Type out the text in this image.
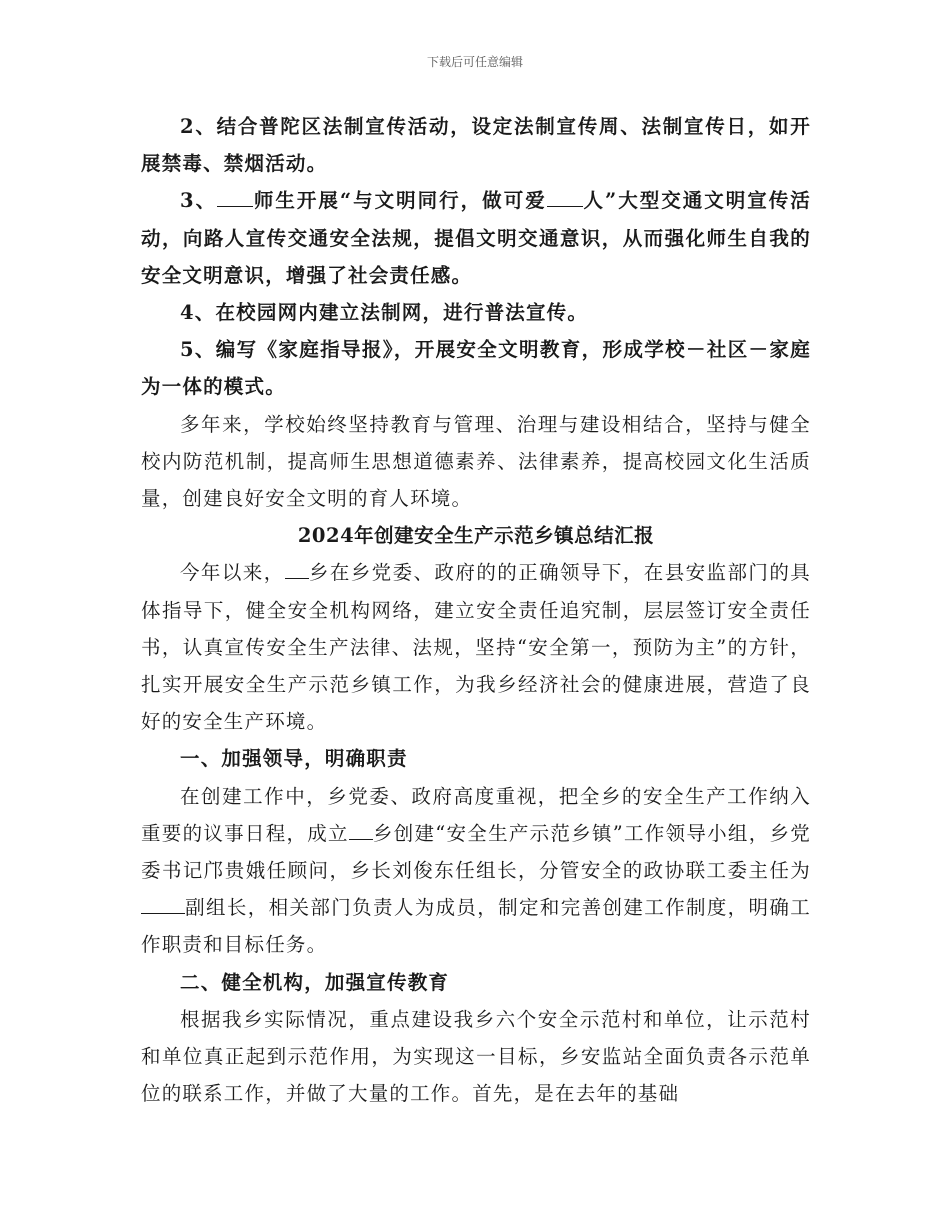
下载后可任意编辑

2、结合普陀区法制宣传活动，设定法制宣传周、法制宣传日，如开展禁毒、禁烟活动。

3、 师生开展“与文明同行，做可爱 人”大型交通文明宣传活动，向路人宣传交通安全法规，提倡文明交通意识，从而强化师生自我的安全文明意识，增强了社会责任感。

4、在校园网内建立法制网，进行普法宣传。

5、编写《家庭指导报》，开展安全文明教育，形成学校－社区－家庭为一体的模式。

多年来，学校始终坚持教育与管理、治理与建设相结合，坚持与健全校内防范机制，提高师生思想道德素养、法律素养，提高校园文化生活质量，创建良好安全文明的育人环境。

2024年创建安全生产示范乡镇总结汇报

今年以来， 乡在乡党委、政府的的正确领导下，在县安监部门的具体指导下，健全安全机构网络，建立安全责任追究制，层层签订安全责任书，认真宣传安全生产法律、法规，坚持“安全第一，预防为主”的方针，扎实开展安全生产示范乡镇工作，为我乡经济社会的健康进展，营造了良好的安全生产环境。

一、加强领导，明确职责

在创建工作中，乡党委、政府高度重视，把全乡的安全生产工作纳入重要的议事日程，成立 乡创建“安全生产示范乡镇”工作领导小组，乡党委书记邝贵娥任顾问，乡长刘俊东任组长，分管安全的政协联工委主任为副组长，相关部门负责人为成员，制定和完善创建工作制度，明确工作职责和目标任务。

二、健全机构，加强宣传教育

根据我乡实际情况，重点建设我乡六个安全示范村和单位，让示范村和单位真正起到示范作用，为实现这一目标，乡安监站全面负责各示范单位的联系工作，并做了大量的工作。首先，是在去年的基础
